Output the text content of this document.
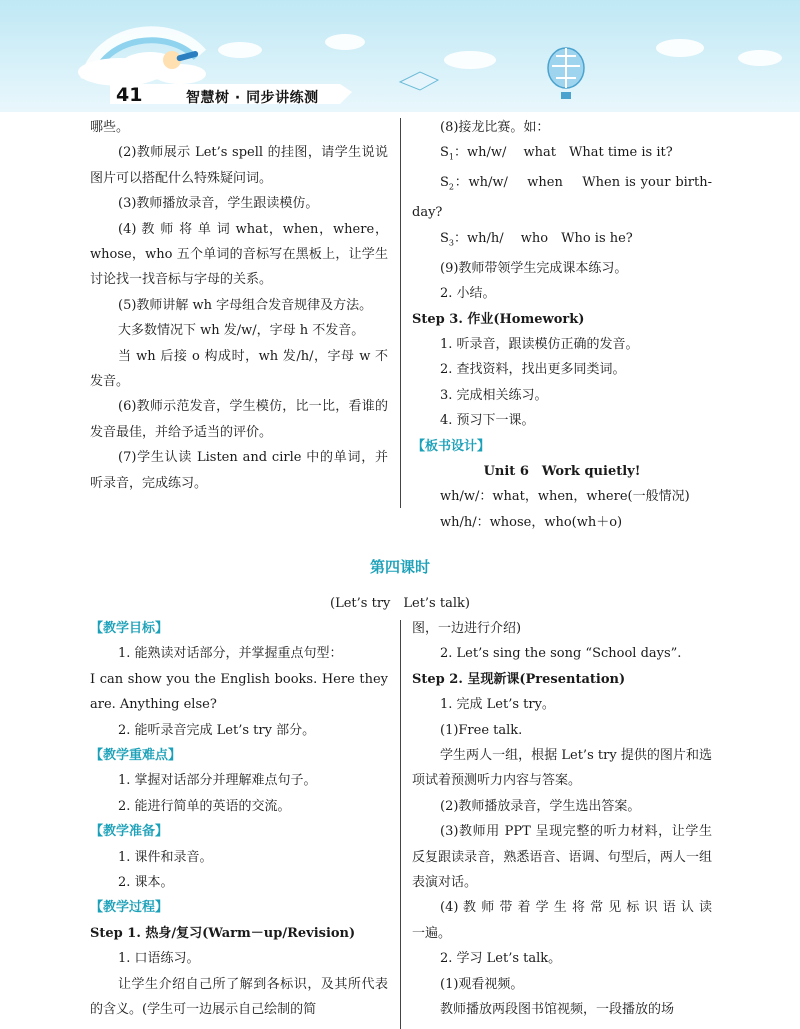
41	智慧树 · 同步讲练测

哪些。

(2)教师展示 Let’s spell 的挂图，请学生说说图片可以搭配什么特殊疑问词。

(3)教师播放录音，学生跟读模仿。

(4) 教 师 将 单 词 what，when，where，whose，who 五个单词的音标写在黑板上，让学生讨论找一找音标与字母的关系。

(5)教师讲解 wh 字母组合发音规律及方法。

大多数情况下 wh 发/w/，字母 h 不发音。

当 wh 后接 o 构成时，wh 发/h/，字母 w 不发音。

(6)教师示范发音，学生模仿，比一比，看谁的发音最佳，并给予适当的评价。

(7)学生认读 Listen and cirle 中的单词，并听录音，完成练习。

(8)接龙比赛。如：

$S_1$：wh/w/　 what　What time is it?

$S_2$：wh/w/　 when　 When is your birth-day?

$S_3$：wh/h/　 who　Who is he?

(9)教师带领学生完成课本练习。

2. 小结。

Step 3. 作业(Homework)

1. 听录音，跟读模仿正确的发音。

2. 查找资料，找出更多同类词。

3. 完成相关练习。

4. 预习下一课。

【板书设计】

Unit 6　Work quietly!

wh/w/：what，when，where(一般情况)

wh/h/：whose，who(wh＋o)

第四课时
(Let’s try　Let’s talk)

【教学目标】

1. 能熟读对话部分，并掌握重点句型：

I can show you the English books. Here they are. Anything else?

2. 能听录音完成 Let’s try 部分。

【教学重难点】

1. 掌握对话部分并理解难点句子。

2. 能进行简单的英语的交流。

【教学准备】

1. 课件和录音。

2. 课本。

【教学过程】

Step 1. 热身/复习(Warm－up/Revision)

1. 口语练习。

让学生介绍自己所了解到各标识，及其所代表的含义。(学生可一边展示自己绘制的简

图，一边进行介绍)

2. Let’s sing the song “School days”.

Step 2. 呈现新课(Presentation)

1. 完成 Let’s try。

(1)Free talk.

学生两人一组，根据 Let’s try 提供的图片和选项试着预测听力内容与答案。

(2)教师播放录音，学生选出答案。

(3)教师用 PPT 呈现完整的听力材料，让学生反复跟读录音，熟悉语音、语调、句型后，两人一组表演对话。

(4) 教 师 带 着 学 生 将 常 见 标 识 语 认 读 一遍。

2. 学习 Let’s talk。

(1)观看视频。

教师播放两段图书馆视频，一段播放的场
